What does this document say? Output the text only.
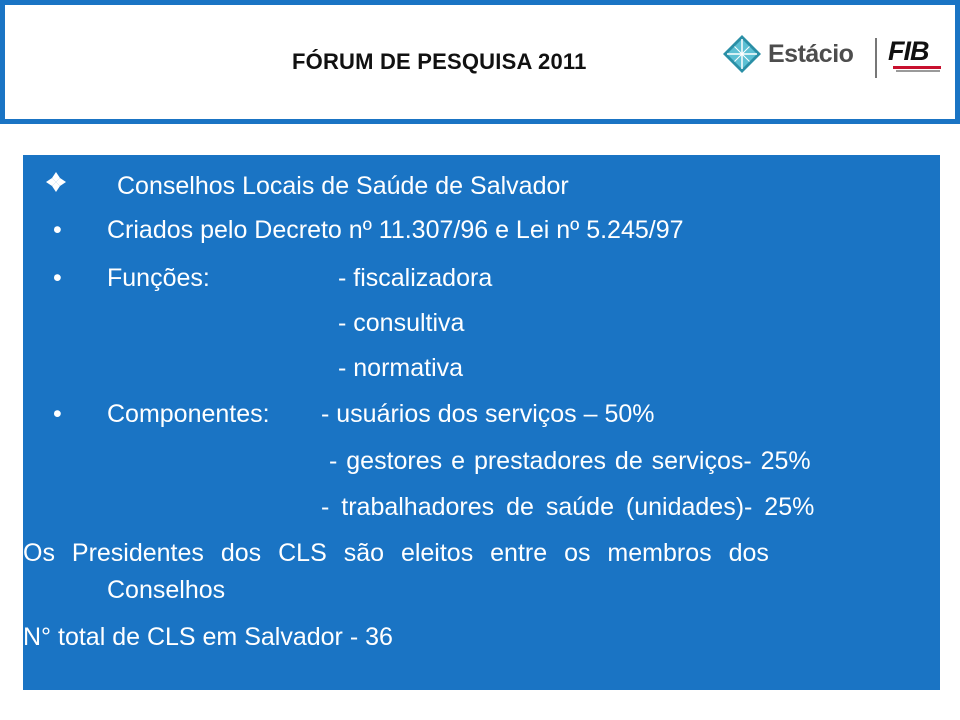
FÓRUM DE PESQUISA 2011	Estácio FIB
Conselhos Locais de Saúde de Salvador
• Criados pelo Decreto nº 11.307/96 e Lei nº 5.245/97
• Funções:	- fiscalizadora
- consultiva
- normativa
• Componentes: - usuários dos serviços – 50%
- gestores e prestadores de serviços- 25%
- trabalhadores de saúde (unidades)- 25%
Os Presidentes dos CLS são eleitos entre os membros dos
Conselhos
N° total de CLS em Salvador - 36
